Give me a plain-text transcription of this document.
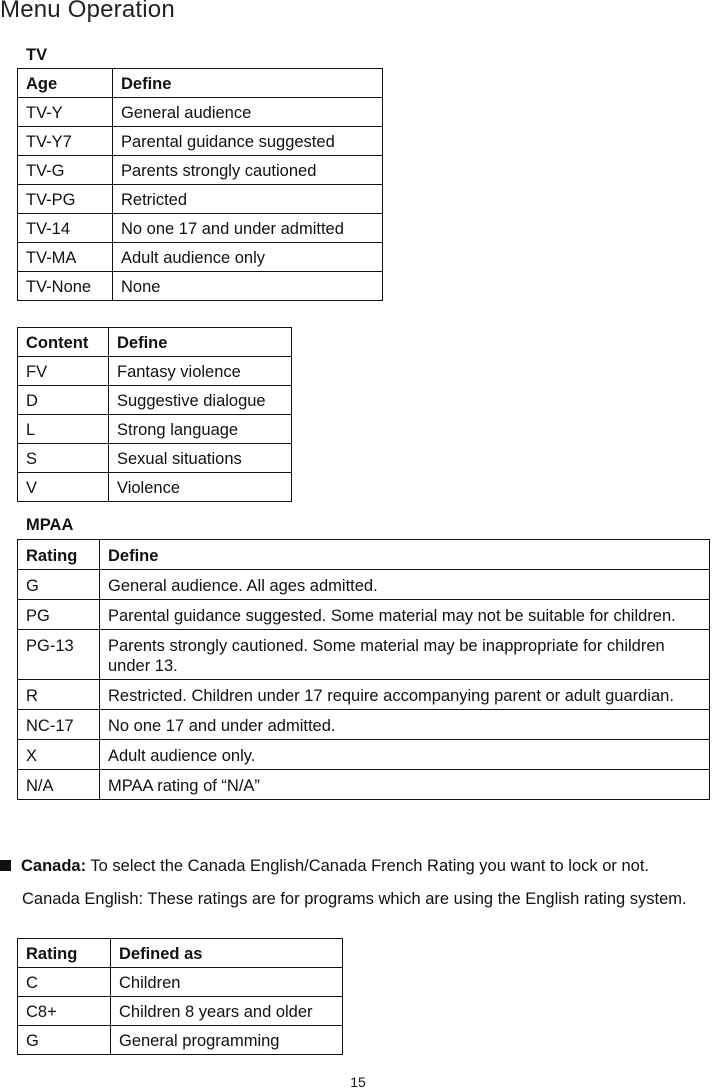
Menu Operation
TV
Age	Define
TV-Y	General audience
TV-Y7	Parental guidance suggested
TV-G	Parents strongly cautioned
TV-PG	Retricted
TV-14	No one 17 and under admitted
TV-MA	Adult audience only
TV-None	None
Content	Define
FV	Fantasy violence
D	Suggestive dialogue
L	Strong language
S	Sexual situations
V	Violence
MPAA
Rating	Define
G	General audience. All ages admitted.
PG	Parental guidance suggested. Some material may not be suitable for children.
PG-13	Parents strongly cautioned. Some material may be inappropriate for children under 13.
R	Restricted. Children under 17 require accompanying parent or adult guardian.
NC-17	No one 17 and under admitted.
X	Adult audience only.
N/A	MPAA rating of “N/A”
Canada: To select the Canada English/Canada French Rating you want to lock or not.
Canada English: These ratings are for programs which are using the English rating system.
Rating	Defined as
C	Children
C8+	Children 8 years and older
G	General programming
15
